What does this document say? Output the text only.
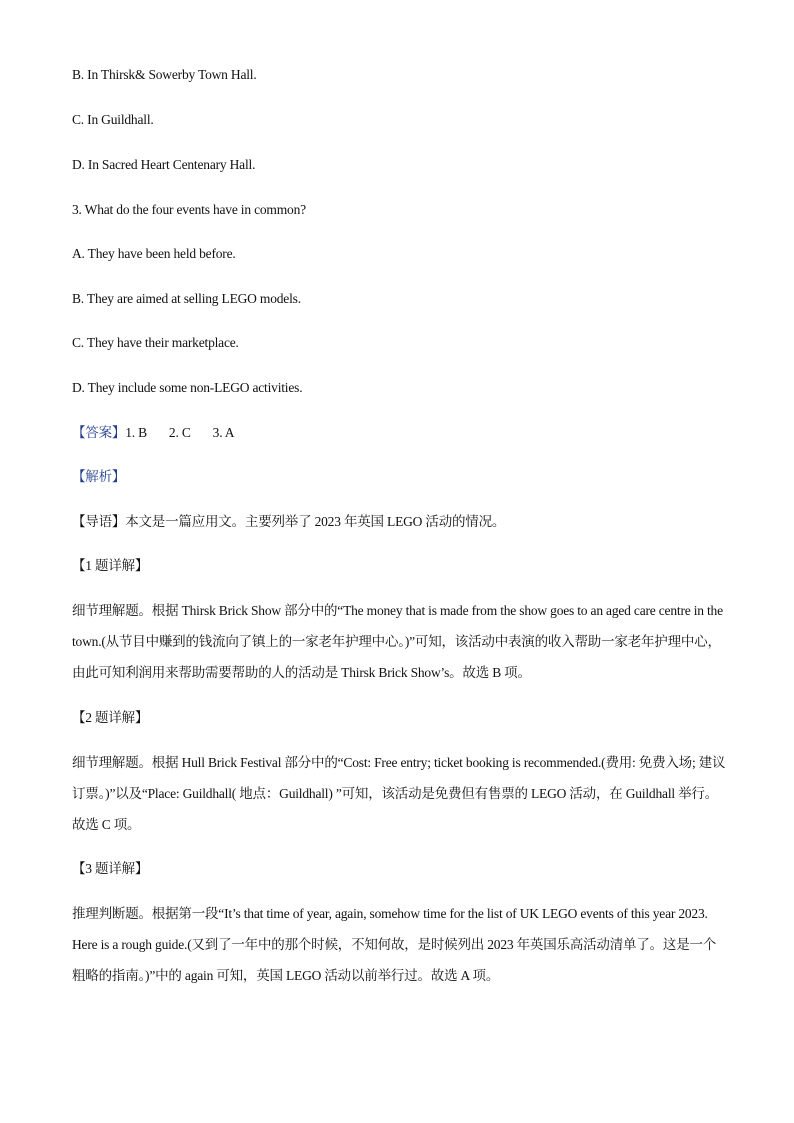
B. In Thirsk& Sowerby Town Hall.
C. In Guildhall.
D. In Sacred Heart Centenary Hall.
3. What do the four events have in common?
A. They have been held before.
B. They are aimed at selling LEGO models.
C. They have their marketplace.
D. They include some non-LEGO activities.
【答案】1. B 2. C 3. A
【解析】
【导语】本文是一篇应用文。主要列举了 2023 年英国 LEGO 活动的情况。
【1 题详解】
细节理解题。根据 Thirsk Brick Show 部分中的“The money that is made from the show goes to an aged care centre in the town.(从节目中赚到的钱流向了镇上的一家老年护理中心。)”可知，该活动中表演的收入帮助一家老年护理中心，由此可知利润用来帮助需要帮助的人的活动是 Thirsk Brick Show’s。故选 B 项。
【2 题详解】
细节理解题。根据 Hull Brick Festival 部分中的“Cost: Free entry; ticket booking is recommended.(费用: 免费入场; 建议订票。)”以及“Place: Guildhall( 地点：Guildhall) ”可知，该活动是免费但有售票的 LEGO 活动，在 Guildhall 举行。故选 C 项。
【3 题详解】
推理判断题。根据第一段“It’s that time of year, again, somehow time for the list of UK LEGO events of this year 2023. Here is a rough guide.(又到了一年中的那个时候，不知何故，是时候列出 2023 年英国乐高活动清单了。这是一个粗略的指南。)”中的 again 可知，英国 LEGO 活动以前举行过。故选 A 项。
